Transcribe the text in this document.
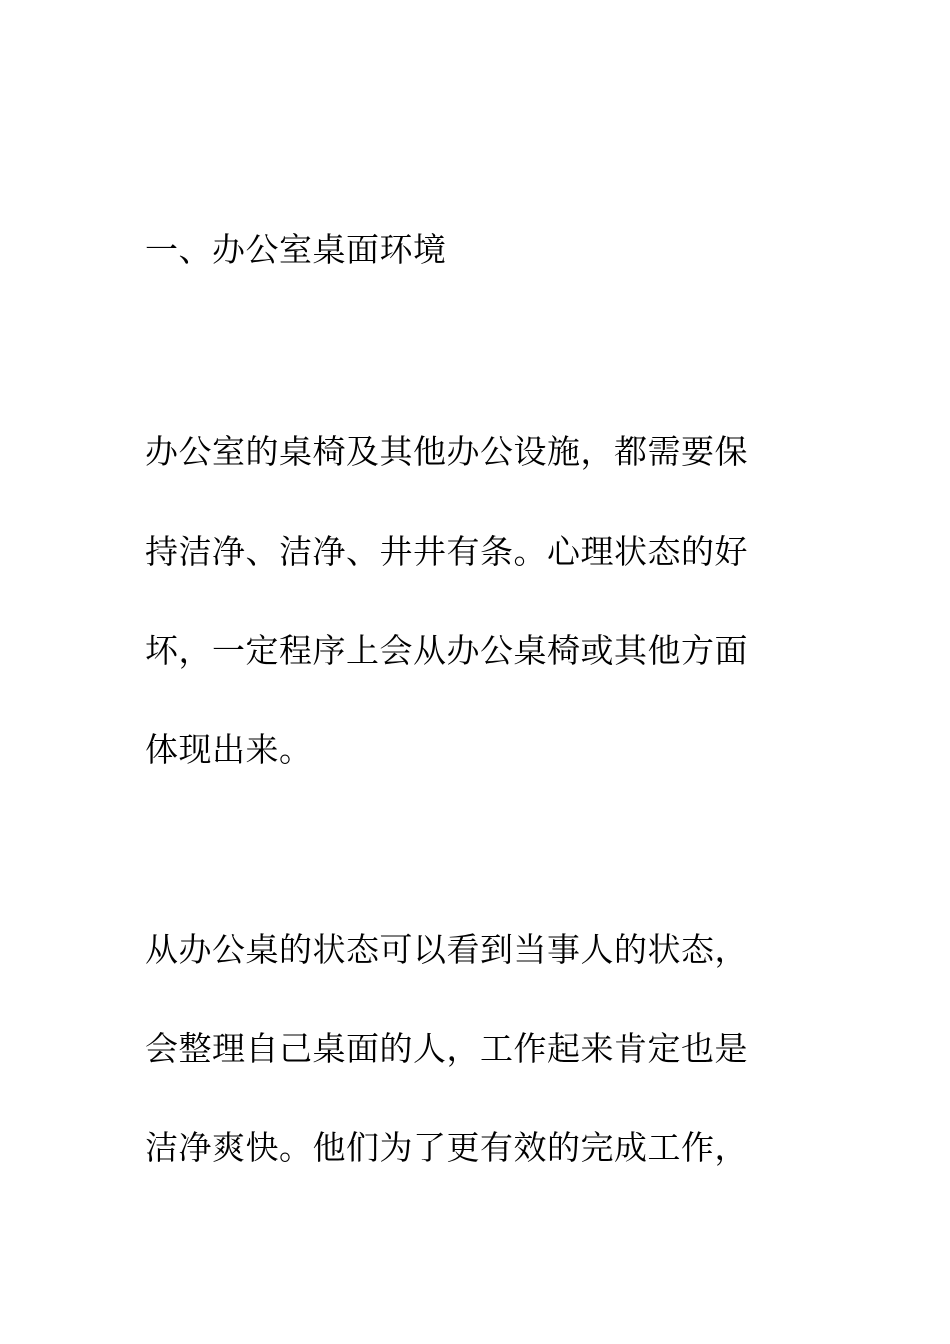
一、办公室桌面环境

办公室的桌椅及其他办公设施，都需要保

持洁净、洁净、井井有条。心理状态的好

坏，一定程序上会从办公桌椅或其他方面

体现出来。

从办公桌的状态可以看到当事人的状态，

会整理自己桌面的人，工作起来肯定也是

洁净爽快。他们为了更有效的完成工作，
